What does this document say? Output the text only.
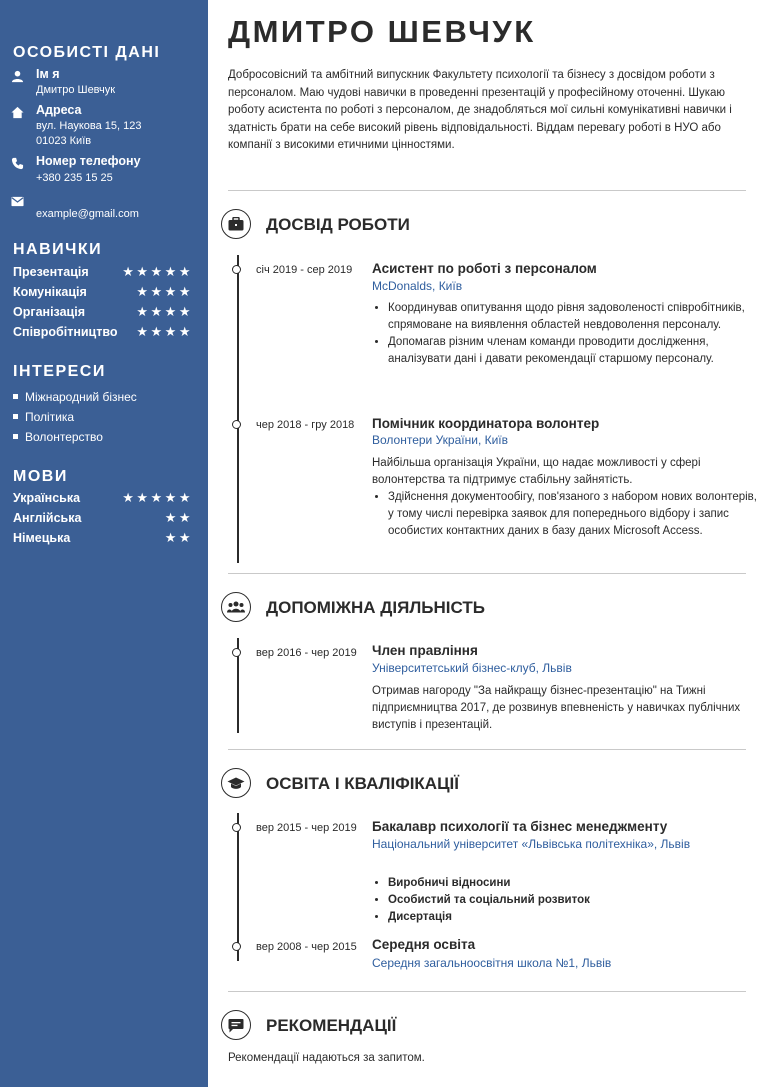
ОСОБИСТІ ДАНІ
Ім я
Дмитро Шевчук
Адреса
вул. Наукова 15, 123
01023 Київ
Номер телефону
+380 235 15 25
example@gmail.com
НАВИЧКИ
Презентація	★★★★★
Комунікація	★★★★
Організація	★★★★
Співробітництво ★★★★
ІНТЕРЕСИ
Міжнародний бізнес
Політика
Волонтерство
МОВИ
Українська	★★★★★
Англійська	★★
Німецька	★★
ДМИТРО ШЕВЧУК
Добросовісний та амбітний випускник Факультету психології та бізнесу з досвідом роботи з персоналом. Маю чудові навички в проведенні презентацій у професійному оточенні. Шукаю роботу асистента по роботі з персоналом, де знадобляться мої сильні комунікативні навички і здатність брати на себе високий рівень відповідальності. Віддам перевагу роботі в НУО або компанії з високими етичними цінностями.
ДОСВІД РОБОТИ
січ 2019 - сер 2019 Асистент по роботі з персоналом
McDonalds, Київ
• Координував опитування щодо рівня задоволеності співробітників, спрямоване на виявлення областей невдоволення персоналу.
• Допомагав різним членам команди проводити дослідження, аналізувати дані і давати рекомендації старшому персоналу.
чер 2018 - гру 2018 Помічник координатора волонтер
Волонтери України, Київ
Найбільша організація України, що надає можливості у сфері волонтерства та підтримує стабільну зайнятість.
• Здійснення документообігу, пов'язаного з набором нових волонтерів, у тому числі перевірка заявок для попереднього відбору і запис особистих контактних даних в базу даних Microsoft Access.
ДОПОМІЖНА ДІЯЛЬНІСТЬ
вер 2016 - чер 2019 Член правління
Університетський бізнес-клуб, Львів
Отримав нагороду "За найкращу бізнес-презентацію" на Тижні підприємництва 2017, де розвинув впевненість у навичках публічних виступів і презентацій.
ОСВІТА І КВАЛІФІКАЦІЇ
вер 2015 - чер 2019 Бакалавр психології та бізнес менеджменту
Національний університет «Львівська політехніка», Львів
• Виробничі відносини
• Особистий та соціальний розвиток
• Дисертація
вер 2008 - чер 2015 Середня освіта
Середня загальноосвітня школа №1, Львів
РЕКОМЕНДАЦІЇ
Рекомендації надаються за запитом.
